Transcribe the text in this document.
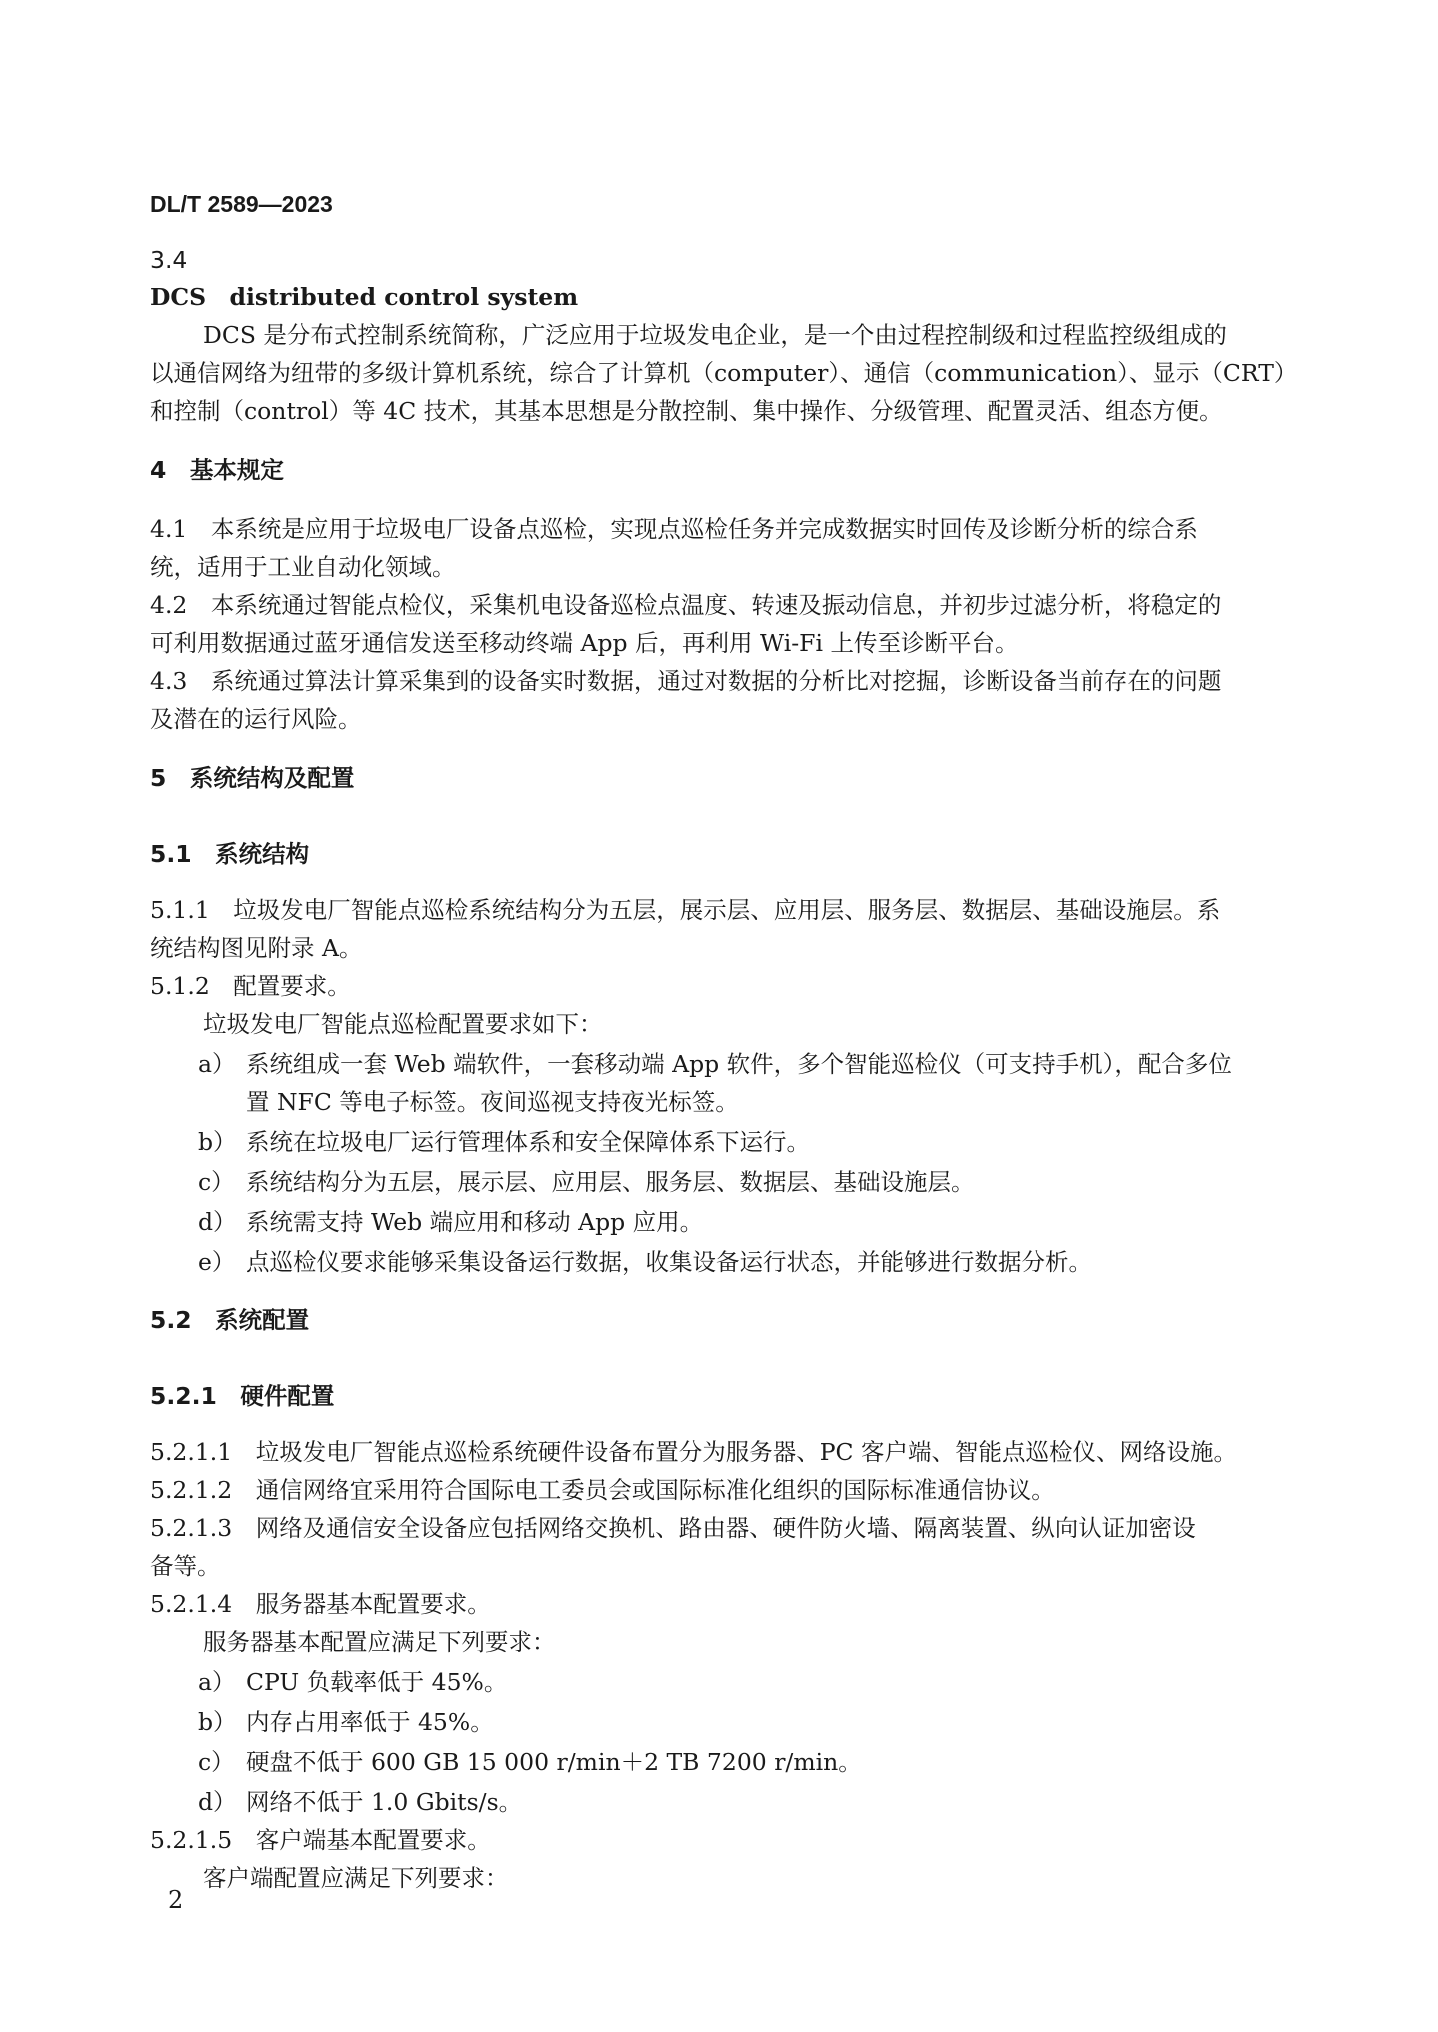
DL/T 2589—2023
3.4
DCS　distributed control system
DCS 是分布式控制系统简称，广泛应用于垃圾发电企业，是一个由过程控制级和过程监控级组成的
以通信网络为纽带的多级计算机系统，综合了计算机（computer）、通信（communication）、显示（CRT）
和控制（control）等 4C 技术，其基本思想是分散控制、集中操作、分级管理、配置灵活、组态方便。
4　基本规定
4.1　本系统是应用于垃圾电厂设备点巡检，实现点巡检任务并完成数据实时回传及诊断分析的综合系
统，适用于工业自动化领域。
4.2　本系统通过智能点检仪，采集机电设备巡检点温度、转速及振动信息，并初步过滤分析，将稳定的
可利用数据通过蓝牙通信发送至移动终端 App 后，再利用 Wi-Fi 上传至诊断平台。
4.3　系统通过算法计算采集到的设备实时数据，通过对数据的分析比对挖掘，诊断设备当前存在的问题
及潜在的运行风险。
5　系统结构及配置
5.1　系统结构
5.1.1　垃圾发电厂智能点巡检系统结构分为五层，展示层、应用层、服务层、数据层、基础设施层。系
统结构图见附录 A。
5.1.2　配置要求。
垃圾发电厂智能点巡检配置要求如下：
a） 系统组成一套 Web 端软件，一套移动端 App 软件，多个智能巡检仪（可支持手机），配合多位
置 NFC 等电子标签。夜间巡视支持夜光标签。
b） 系统在垃圾电厂运行管理体系和安全保障体系下运行。
c） 系统结构分为五层，展示层、应用层、服务层、数据层、基础设施层。
d） 系统需支持 Web 端应用和移动 App 应用。
e） 点巡检仪要求能够采集设备运行数据，收集设备运行状态，并能够进行数据分析。
5.2　系统配置
5.2.1　硬件配置
5.2.1.1　垃圾发电厂智能点巡检系统硬件设备布置分为服务器、PC 客户端、智能点巡检仪、网络设施。
5.2.1.2　通信网络宜采用符合国际电工委员会或国际标准化组织的国际标准通信协议。
5.2.1.3　网络及通信安全设备应包括网络交换机、路由器、硬件防火墙、隔离装置、纵向认证加密设
备等。
5.2.1.4　服务器基本配置要求。
服务器基本配置应满足下列要求：
a） CPU 负载率低于 45%。
b） 内存占用率低于 45%。
c） 硬盘不低于 600 GB 15 000 r/min＋2 TB 7200 r/min。
d） 网络不低于 1.0 Gbits/s。
5.2.1.5　客户端基本配置要求。
客户端配置应满足下列要求：
2
